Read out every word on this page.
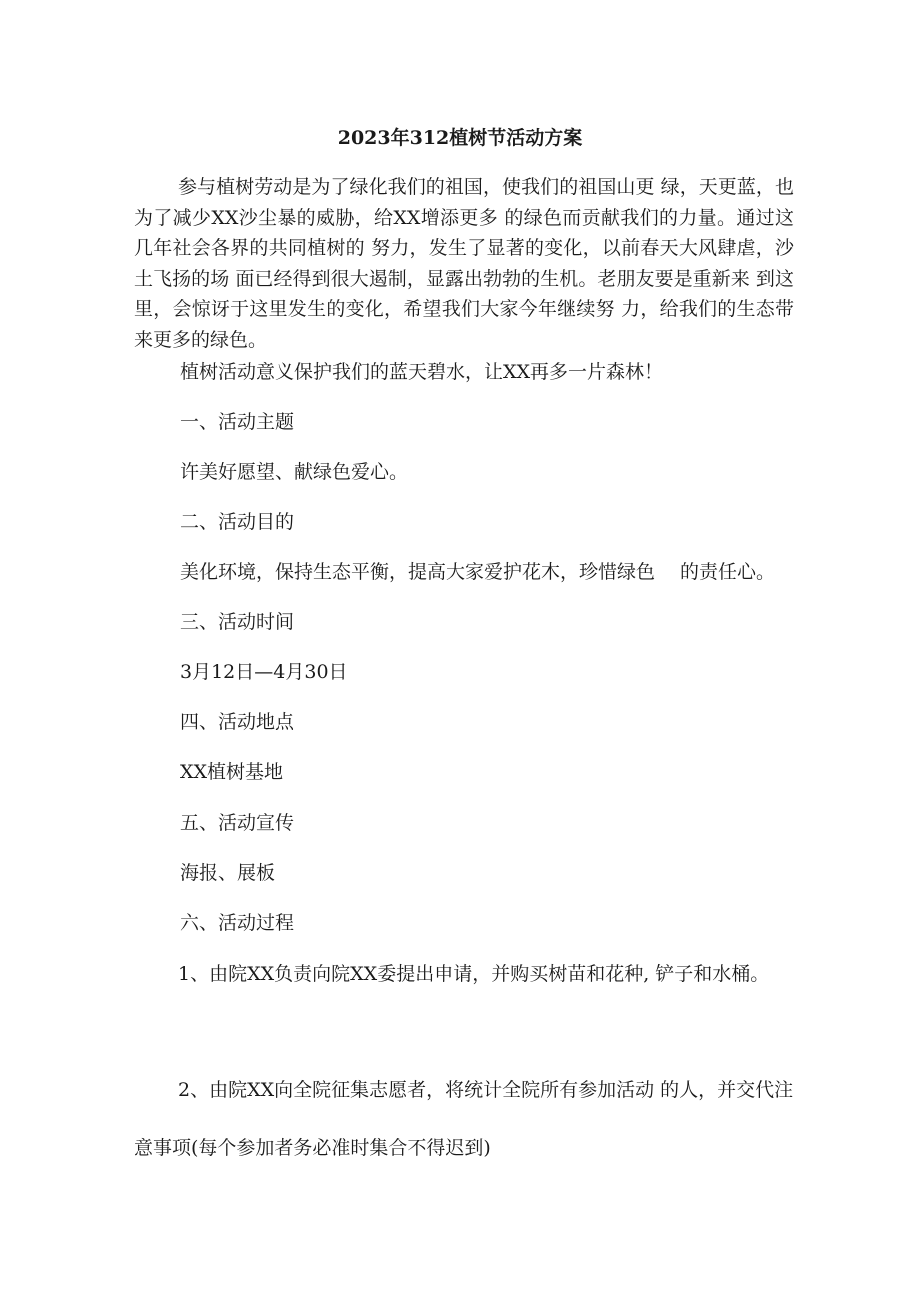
2023年312植树节活动方案

参与植树劳动是为了绿化我们的祖国，使我们的祖国山更 绿，天更蓝，也为了减少XX沙尘暴的威胁，给XX增添更多 的绿色而贡献我们的力量。通过这几年社会各界的共同植树的 努力，发生了显著的变化，以前春天大风肆虐，沙土飞扬的场 面已经得到很大遏制，显露出勃勃的生机。老朋友要是重新来 到这里，会惊讶于这里发生的变化，希望我们大家今年继续努 力，给我们的生态带来更多的绿色。

植树活动意义保护我们的蓝天碧水，让XX再多一片森林！

一、活动主题

许美好愿望、献绿色爱心。

二、活动目的

美化环境，保持生态平衡，提高大家爱护花木，珍惜绿色　 的责任心。

三、活动时间

3月12日—4月30日

四、活动地点

XX植树基地

五、活动宣传

海报、展板

六、活动过程

1、由院XX负责向院XX委提出申请，并购买树苗和花种, 铲子和水桶。

2、由院XX向全院征集志愿者，将统计全院所有参加活动 的人，并交代注意事项(每个参加者务必准时集合不得迟到)
